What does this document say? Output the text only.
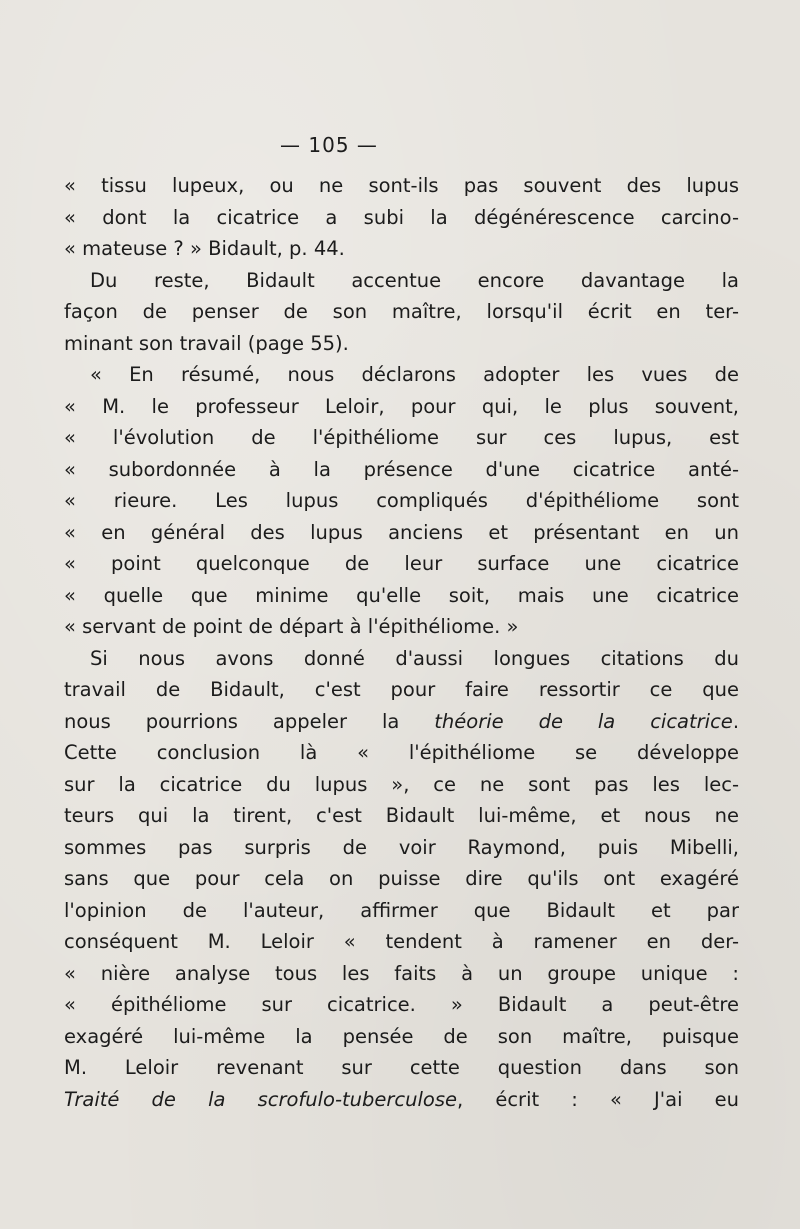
— 105 —
« tissu lupeux, ou ne sont-ils pas souvent des lupus
« dont la cicatrice a subi la dégénérescence carcino-
« mateuse ? » Bidault, p. 44.
Du reste, Bidault accentue encore davantage la
façon de penser de son maître, lorsqu'il écrit en ter-
minant son travail (page 55).
« En résumé, nous déclarons adopter les vues de
« M. le professeur Leloir, pour qui, le plus souvent,
« l'évolution de l'épithéliome sur ces lupus, est
« subordonnée à la présence d'une cicatrice anté-
« rieure. Les lupus compliqués d'épithéliome sont
« en général des lupus anciens et présentant en un
« point quelconque de leur surface une cicatrice
« quelle que minime qu'elle soit, mais une cicatrice
« servant de point de départ à l'épithéliome. »
Si nous avons donné d'aussi longues citations du
travail de Bidault, c'est pour faire ressortir ce que
nous pourrions appeler la théorie de la cicatrice.
Cette conclusion là « l'épithéliome se développe
sur la cicatrice du lupus », ce ne sont pas les lec-
teurs qui la tirent, c'est Bidault lui-même, et nous ne
sommes pas surpris de voir Raymond, puis Mibelli,
sans que pour cela on puisse dire qu'ils ont exagéré
l'opinion de l'auteur, affirmer que Bidault et par
conséquent M. Leloir « tendent à ramener en der-
« nière analyse tous les faits à un groupe unique :
« épithéliome sur cicatrice. » Bidault a peut-être
exagéré lui-même la pensée de son maître, puisque
M. Leloir revenant sur cette question dans son
Traité de la scrofulo-tuberculose, écrit : « J'ai eu
